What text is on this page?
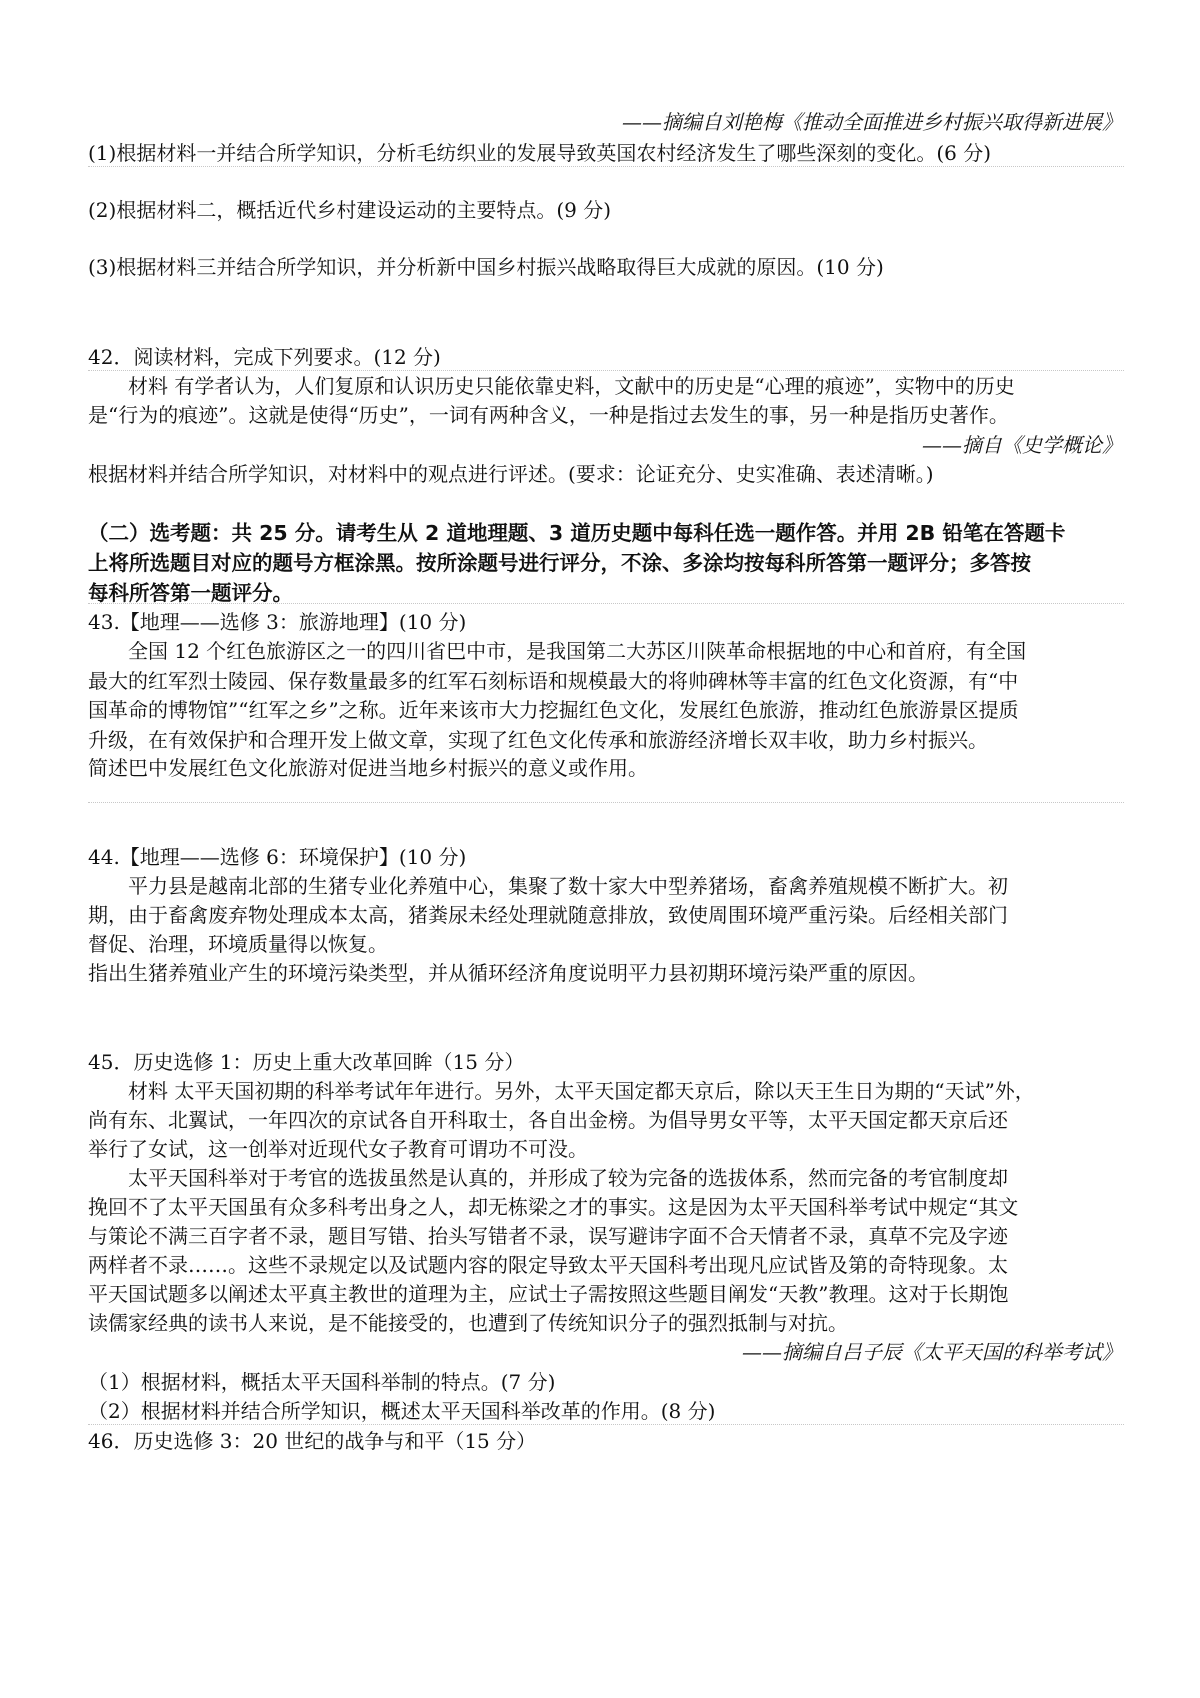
——摘编自刘艳梅《推动全面推进乡村振兴取得新进展》
(1)根据材料一并结合所学知识，分析毛纺织业的发展导致英国农村经济发生了哪些深刻的变化。(6 分)
(2)根据材料二，概括近代乡村建设运动的主要特点。(9 分)
(3)根据材料三并结合所学知识，并分析新中国乡村振兴战略取得巨大成就的原因。(10 分)
42．阅读材料，完成下列要求。(12 分)
材料 有学者认为，人们复原和认识历史只能依靠史料，文献中的历史是“心理的痕迹”，实物中的历史
是“行为的痕迹”。这就是使得“历史”，一词有两种含义，一种是指过去发生的事，另一种是指历史著作。
——摘自《史学概论》
根据材料并结合所学知识，对材料中的观点进行评述。(要求：论证充分、史实准确、表述清晰。)
（二）选考题：共 25 分。请考生从 2 道地理题、3 道历史题中每科任选一题作答。并用 2B 铅笔在答题卡
上将所选题目对应的题号方框涂黑。按所涂题号进行评分，不涂、多涂均按每科所答第一题评分；多答按
每科所答第一题评分。
43.【地理——选修 3：旅游地理】(10 分)
全国 12 个红色旅游区之一的四川省巴中市，是我国第二大苏区川陕革命根据地的中心和首府，有全国
最大的红军烈士陵园、保存数量最多的红军石刻标语和规模最大的将帅碑林等丰富的红色文化资源，有“中
国革命的博物馆”“红军之乡”之称。近年来该市大力挖掘红色文化，发展红色旅游，推动红色旅游景区提质
升级，在有效保护和合理开发上做文章，实现了红色文化传承和旅游经济增长双丰收，助力乡村振兴。
简述巴中发展红色文化旅游对促进当地乡村振兴的意义或作用。
44.【地理——选修 6：环境保护】(10 分)
平力县是越南北部的生猪专业化养殖中心，集聚了数十家大中型养猪场，畜禽养殖规模不断扩大。初
期，由于畜禽废弃物处理成本太高，猪粪尿未经处理就随意排放，致使周围环境严重污染。后经相关部门
督促、治理，环境质量得以恢复。
指出生猪养殖业产生的环境污染类型，并从循环经济角度说明平力县初期环境污染严重的原因。
45．历史选修 1：历史上重大改革回眸（15 分）
材料 太平天国初期的科举考试年年进行。另外，太平天国定都天京后，除以天王生日为期的“天试”外，
尚有东、北翼试，一年四次的京试各自开科取士，各自出金榜。为倡导男女平等，太平天国定都天京后还
举行了女试，这一创举对近现代女子教育可谓功不可没。
太平天国科举对于考官的选拔虽然是认真的，并形成了较为完备的选拔体系，然而完备的考官制度却
挽回不了太平天国虽有众多科考出身之人，却无栋梁之才的事实。这是因为太平天国科举考试中规定“其文
与策论不满三百字者不录，题目写错、抬头写错者不录，误写避讳字面不合天情者不录，真草不完及字迹
两样者不录……。这些不录规定以及试题内容的限定导致太平天国科考出现凡应试皆及第的奇特现象。太
平天国试题多以阐述太平真主教世的道理为主，应试士子需按照这些题目阐发“天教”教理。这对于长期饱
读儒家经典的读书人来说，是不能接受的，也遭到了传统知识分子的强烈抵制与对抗。
——摘编自吕子辰《太平天国的科举考试》
（1）根据材料，概括太平天国科举制的特点。(7 分)
（2）根据材料并结合所学知识，概述太平天国科举改革的作用。(8 分)
46．历史选修 3：20 世纪的战争与和平（15 分）
